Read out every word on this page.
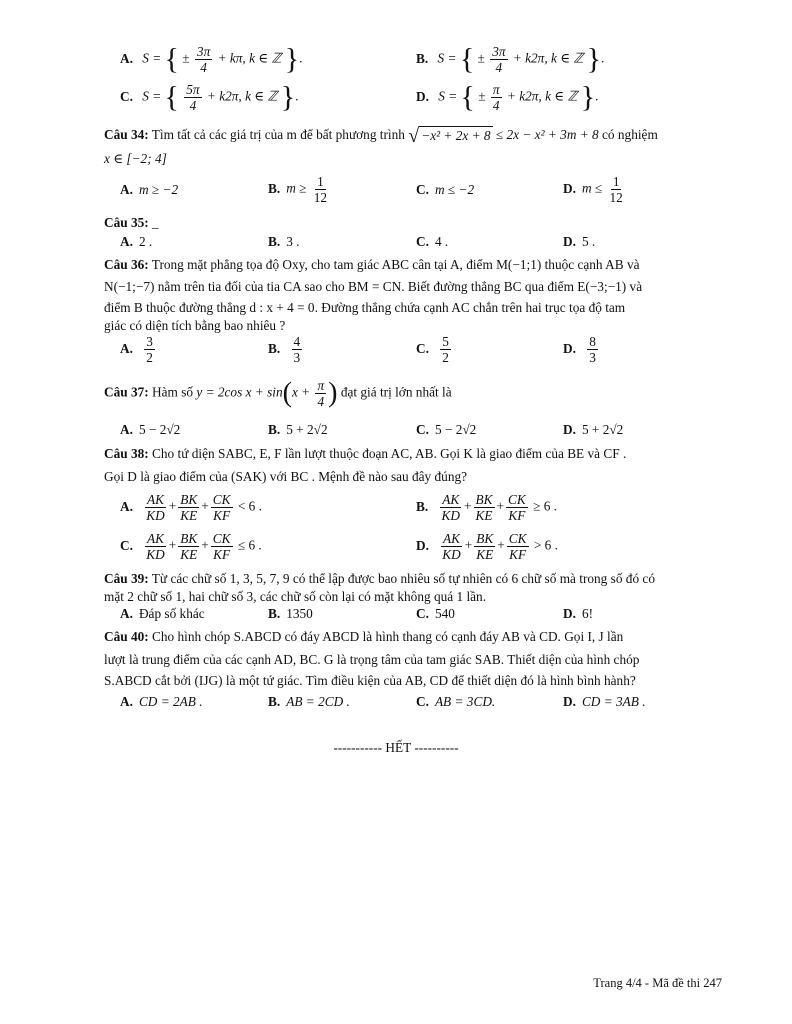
A. S = { ± $\frac{3\pi}{4} + k\pi$, k ∈ ℤ }.	B. S = { ± $\frac{3\pi}{4} + k2\pi$, k ∈ ℤ }.
C. S = { $\frac{5\pi}{4} + k2\pi$, k ∈ ℤ }.	D. S = { ± $\frac{\pi}{4} + k2\pi$, k ∈ ℤ }.
Câu 34: Tìm tất cả các giá trị của m để bất phương trình √ −x² + 2x + 8 ≤ 2x − x² + 3m + 8 có nghiệm
x ∈ [−2; 4]
A. m ≥ −2	B. $m \ge \frac{1}{12}$	C. m ≤ −2	D. $m \le \frac{1}{12}$
Câu 35: _
A. 2 .	B. 3 .	C. 4 .	D. 5 .
Câu 36: Trong mặt phẳng tọa độ Oxy, cho tam giác ABC cân tại A, điểm M(−1;1) thuộc cạnh AB và
N(−1;−7) nằm trên tia đối của tia CA sao cho BM = CN. Biết đường thẳng BC qua điểm E(−3;−1) và
điểm B thuộc đường thẳng d : x + 4 = 0. Đường thẳng chứa cạnh AC chắn trên hai trục tọa độ tam
giác có diện tích bằng bao nhiêu ?
A. $\frac{3}{2}$	B. $\frac{4}{3}$	C. $\frac{5}{2}$	D. $\frac{8}{3}$
Câu 37: Hàm số y = 2cos $x + \sin(x + \frac{\pi}{4}$ ) đạt giá trị lớn nhất là
A. 5 − 2√2	B. 5 + 2√2	C. 5 − 2√2	D. 5 + 2√2
Câu 38: Cho tứ diện SABC, E, F lần lượt thuộc đoạn AC, AB. Gọi K là giao điểm của BE và CF .
Gọi D là giao điểm của (SAK) với BC . Mệnh đề nào sau đây đúng?
A. $\frac{AK}{KD} + \frac{BK}{KE} + \frac{CK}{KF} < 6$ .	B. $\frac{AK}{KD} + \frac{BK}{KE} + \frac{CK}{KF} \ge 6$ .
C. $\frac{AK}{KD} + \frac{BK}{KE} + \frac{CK}{KF} \le 6$ .	D. $\frac{AK}{KD} + \frac{BK}{KE} + \frac{CK}{KF} > 6$ .
Câu 39: Từ các chữ số 1, 3, 5, 7, 9 có thể lập được bao nhiêu số tự nhiên có 6 chữ số mà trong số đó có
mặt 2 chữ số 1, hai chữ số 3, các chữ số còn lại có mặt không quá 1 lần.
A. Đáp số khác	B. 1350	C. 540	D. 6!
Câu 40: Cho hình chóp S.ABCD có đáy ABCD là hình thang có cạnh đáy AB và CD. Gọi I, J lần
lượt là trung điểm của các cạnh AD, BC. G là trọng tâm của tam giác SAB. Thiết diện của hình chóp
S.ABCD cắt bởi (IJG) là một tứ giác. Tìm điều kiện của AB, CD để thiết diện đó là hình bình hành?
A. CD = 2AB .	B. AB = 2CD .	C. AB = 3CD.	D. CD = 3AB .
----------- HẾT ----------
Trang 4/4 - Mã đề thi 247
